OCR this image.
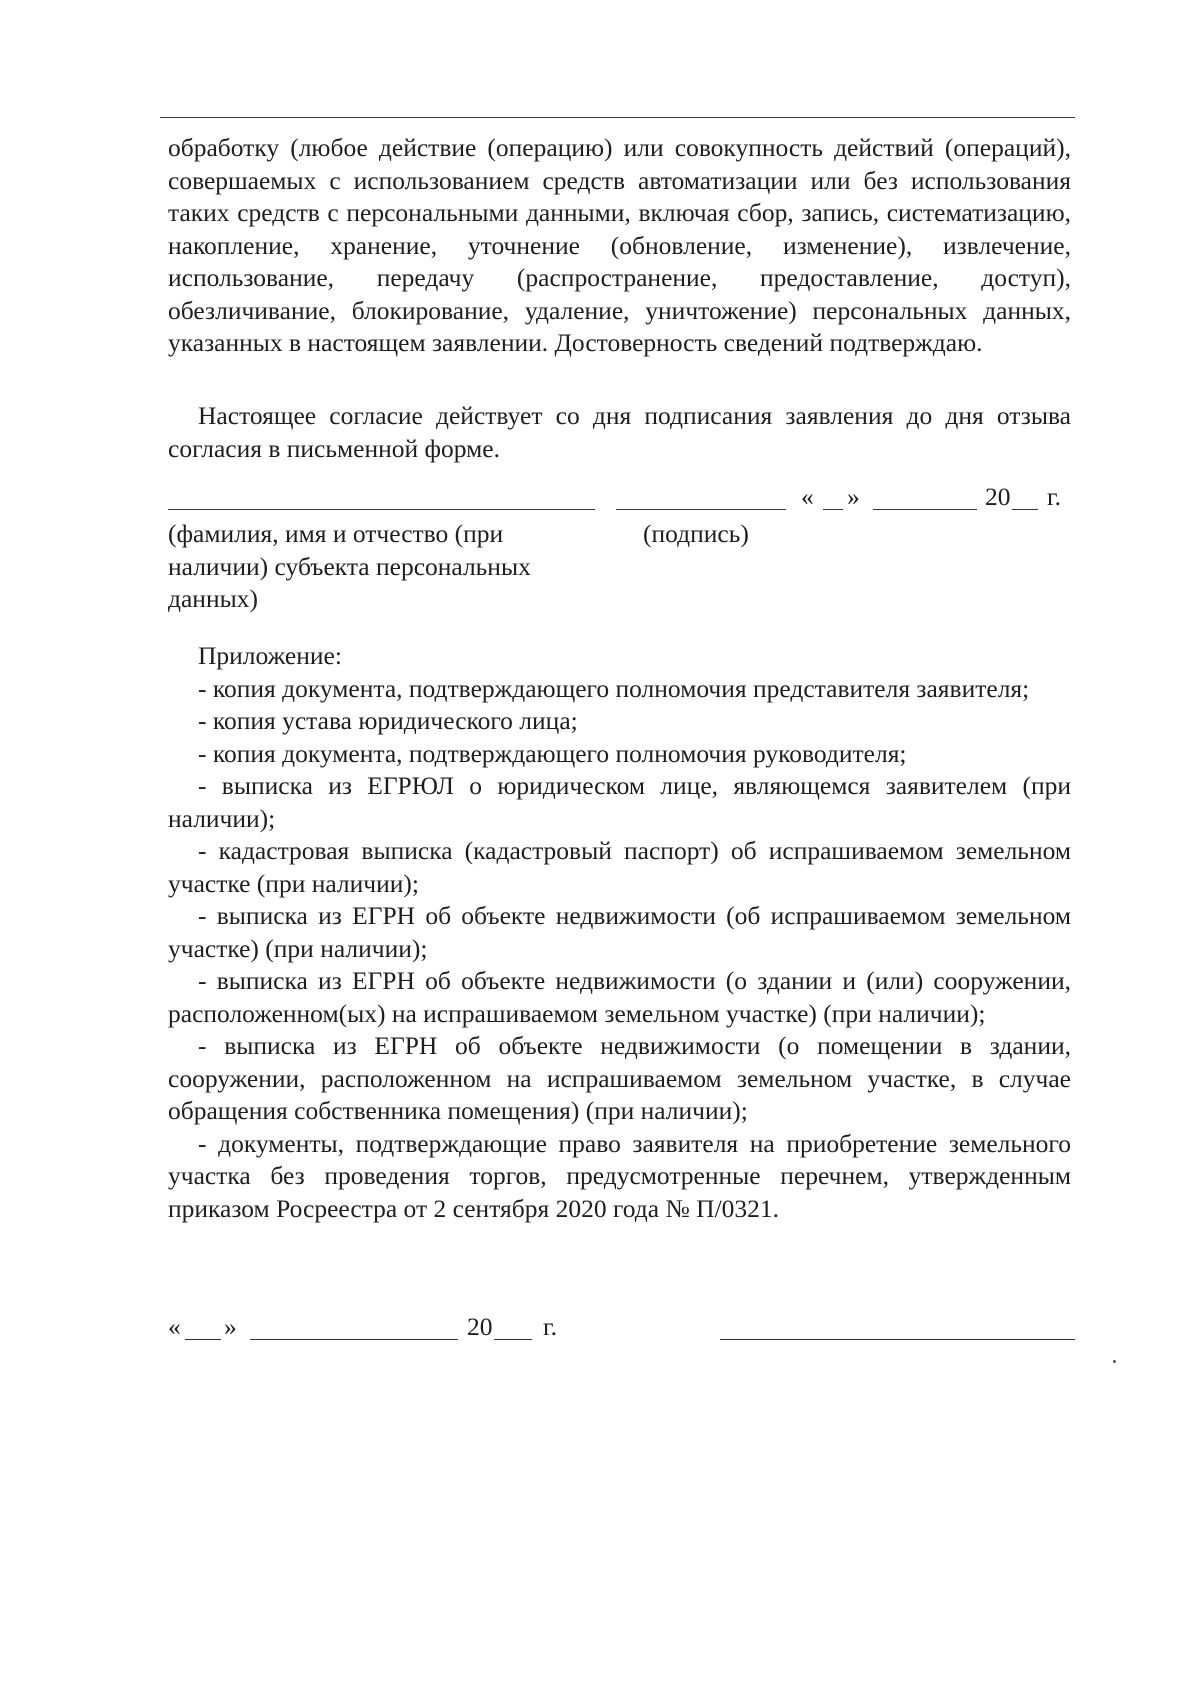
обработку (любое действие (операцию) или совокупность действий (операций), совершаемых с использованием средств автоматизации или без использования таких средств с персональными данными, включая сбор, запись, систематизацию, накопление, хранение, уточнение (обновление, изменение), извлечение, использование, передачу (распространение, предоставление, доступ), обезличивание, блокирование, удаление, уничтожение) персональных данных, указанных в настоящем заявлении. Достоверность сведений подтверждаю.

Настоящее согласие действует со дня подписания заявления до дня отзыва согласия в письменной форме.

« »	20 г.
(фамилия, имя и отчество (при наличии) субъекта персональных данных)
(подпись)

Приложение:

- копия документа, подтверждающего полномочия представителя заявителя;

- копия устава юридического лица;

- копия документа, подтверждающего полномочия руководителя;

- выписка из ЕГРЮЛ о юридическом лице, являющемся заявителем (при наличии);

- кадастровая выписка (кадастровый паспорт) об испрашиваемом земельном участке (при наличии);

- выписка из ЕГРН об объекте недвижимости (об испрашиваемом земельном участке) (при наличии);

- выписка из ЕГРН об объекте недвижимости (о здании и (или) сооружении, расположенном(ых) на испрашиваемом земельном участке) (при наличии);

- выписка из ЕГРН об объекте недвижимости (о помещении в здании, сооружении, расположенном на испрашиваемом земельном участке, в случае обращения собственника помещения) (при наличии);

- документы, подтверждающие право заявителя на приобретение земельного участка без проведения торгов, предусмотренные перечнем, утвержденным приказом Росреестра от 2 сентября 2020 года № П/0321.

« »	20 г.
